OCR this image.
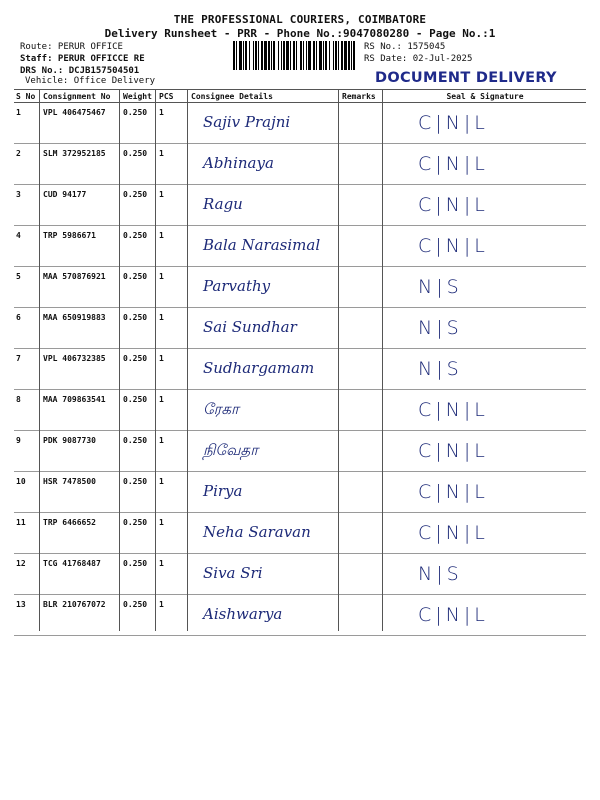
THE PROFESSIONAL COURIERS, COIMBATORE
Delivery Runsheet - PRR - Phone No.:9047080280 - Page No.:1
Route: PERUR OFFICE
Staff: PERUR OFFICCE RE
DRS No.: DCJB157504501
Vehicle: Office Delivery
RS No.: 1575045
RS Date: 02-Jul-2025
DOCUMENT DELIVERY
S No	Consignment No	Weight	PCS	Consignee Details	Remarks	Seal & Signature
1	VPL 406475467	0.250	1	Sajiv Prajni		C|N|L

2	SLM 372952185	0.250	1	Abhinaya		C|N|L

3	CUD 94177	0.250	1	Ragu		C|N|L

4	TRP 5986671	0.250	1	Bala Narasimal		C|N|L

5	MAA 570876921	0.250	1	Parvathy		N|S

6	MAA 650919883	0.250	1	Sai Sundhar		N|S

7	VPL 406732385	0.250	1	Sudhargamam		N|S

8	MAA 709863541	0.250	1	ரேகா		C|N|L

9	PDK 9087730	0.250	1	நிவேதா		C|N|L

10	HSR 7478500	0.250	1	Pirya		C|N|L

11	TRP 6466652	0.250	1	Neha Saravan		C|N|L

12	TCG 41768487	0.250	1	Siva Sri		N|S

13	BLR 210767072	0.250	1	Aishwarya		C|N|L
